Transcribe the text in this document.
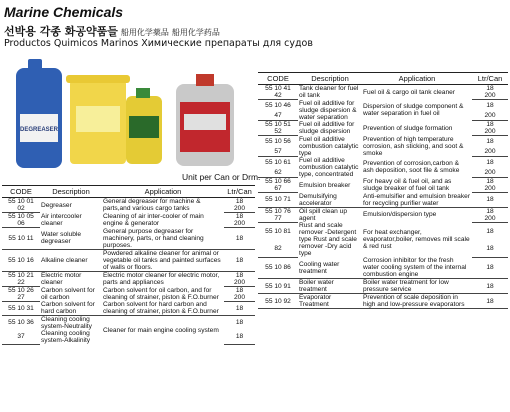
Marine Chemicals
선박용 각종 화공약품들 船用化学薬品 船用化学药品
Productos Quimicos Marinos Химические препараты для судов
DEGREASER
Unit per Can or Drm.
CODE	Description	Application	Ltr/Can
55 10 01	Degreaser	General degreaser for machine & parts,and various cargo tanks	18
02			200
55 10 05	Air intercooler cleaner	Cleaning of air inter-cooler of main engine & generator	18
06			200
55 10 11	Water soluble degreaser	General purpose degreaser for machinery, parts, or hand cleaning purposes.	18
55 10 16	Alkaline cleaner	Powdered alkaline cleaner for animal or vegetable oil tanks and painted surfaces of walls or floors.	18
55 10 21	Electric motor cleaner	Electric motor cleaner for electric motor, parts and appliances	18
22			200
55 10 26	Carbon solvent for oil carbon	Carbon solvent for oil carbon, and for cleaning of strainer, piston & F.O.burner	18
27			200
55 10 31	Carbon solvent for hard carbon	Carbon solvent for hard carbon and cleaning of strainer, piston & F.O.burner	18
55 10 36	Cleaning cooling system-Neutrality Cleaning cooling system-Alkalinity	Cleaner for main engine cooling system	18
37			18
CODE	Description	Application	Ltr/Can
55 10 41	Tank cleaner for fuel oil tank	Fuel oil & cargo oil tank cleaner	18
42			200
55 10 46	Fuel oil additive for sludge dispersion & water separation	Dispersion of sludge component & water separation in fuel oil	18
47			200
55 10 51	Fuel oil additive for sludge dispersion	Prevention of sludge formation	18
52			200
55 10 56	Fuel oil additive combustion catalytic type	Prevention of high temperature corrosion, ash sticking, and soot & smoke	18
57			200
55 10 61	Fuel oil additive combustion catalytic type, concentrated	Prevention of corrosion,carbon & ash deposition, soot file & smoke	18
62			200
55 10 66	Emulsion breaker	For heavy oil & fuel oil, and as sludge breaker of fuel oil tank	18
67			200
55 10 71	Demulsifying accelerator	Anti-emulsifier and emulsion breaker for recycling purifier water	18
55 10 76	Oil spill clean up agent	Emulsion/dispersion type	18
77			200
55 10 81	Rust and scale remover -Detergent type Rust and scale remover -Dry acid type	For heat exchanger, evaporator,boiler, removes mill scale & red rust	18
82			18
55 10 86	Cooling water treatment	Corrosion inhibitor for the fresh water cooling system of the internal combustion engine	18
55 10 91	Boiler water treatment	Boiler water treatment for low pressure service	18
55 10 92	Evaporator Treatment	Prevention of scale deposition in high and low-pressure evaporators	18
